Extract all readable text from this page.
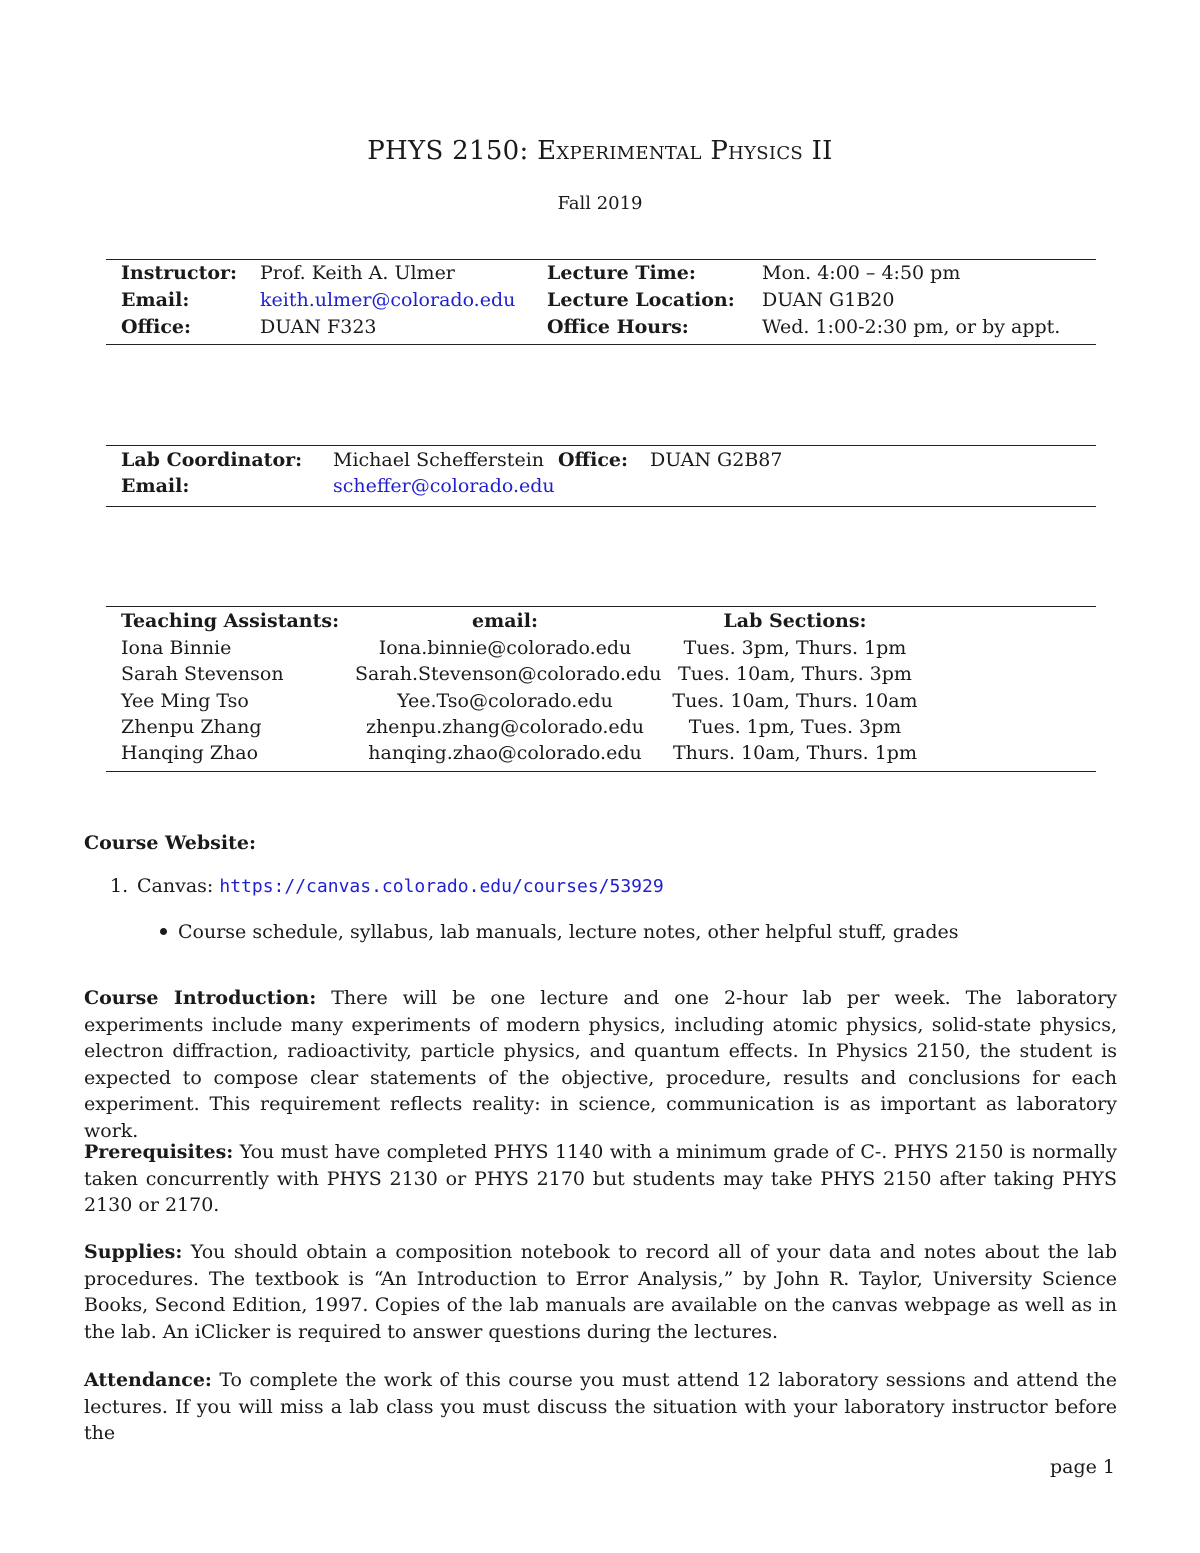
PHYS 2150: Experimental Physics II
Fall 2019
Instructor: Prof. Keith A. Ulmer	Lecture Time:	Mon. 4:00 – 4:50 pm
Email:	keith.ulmer@colorado.edu Lecture Location: DUAN G1B20
Office:	DUAN F323	Office Hours:	Wed. 1:00-2:30 pm, or by appt.
Lab Coordinator: Michael Schefferstein Office: DUAN G2B87
Email:	scheffer@colorado.edu
Teaching Assistants:	email:	Lab Sections:
Iona Binnie	Iona.binnie@colorado.edu	Tues. 3pm, Thurs. 1pm
Sarah Stevenson	Sarah.Stevenson@colorado.edu Tues. 10am, Thurs. 3pm
Yee Ming Tso	Yee.Tso@colorado.edu	Tues. 10am, Thurs. 10am
Zhenpu Zhang	zhenpu.zhang@colorado.edu	Tues. 1pm, Tues. 3pm
Hanqing Zhao	hanqing.zhao@colorado.edu	Thurs. 10am, Thurs. 1pm
Course Website:
1. Canvas: https://canvas.colorado.edu/courses/53929
Course schedule, syllabus, lab manuals, lecture notes, other helpful stuff, grades

Course Introduction: There will be one lecture and one 2-hour lab per week. The laboratory experiments include many experiments of modern physics, including atomic physics, solid-state physics, electron diffraction, radioactivity, particle physics, and quantum effects. In Physics 2150, the student is expected to compose clear statements of the objective, procedure, results and conclusions for each experiment. This requirement reflects reality: in science, communication is as important as laboratory work.

Prerequisites: You must have completed PHYS 1140 with a minimum grade of C-. PHYS 2150 is normally taken concurrently with PHYS 2130 or PHYS 2170 but students may take PHYS 2150 after taking PHYS 2130 or 2170.

Supplies: You should obtain a composition notebook to record all of your data and notes about the lab procedures. The textbook is “An Introduction to Error Analysis,” by John R. Taylor, University Science Books, Second Edition, 1997. Copies of the lab manuals are available on the canvas webpage as well as in the lab. An iClicker is required to answer questions during the lectures.

Attendance: To complete the work of this course you must attend 12 laboratory sessions and attend the lectures. If you will miss a lab class you must discuss the situation with your laboratory instructor before the

page 1
